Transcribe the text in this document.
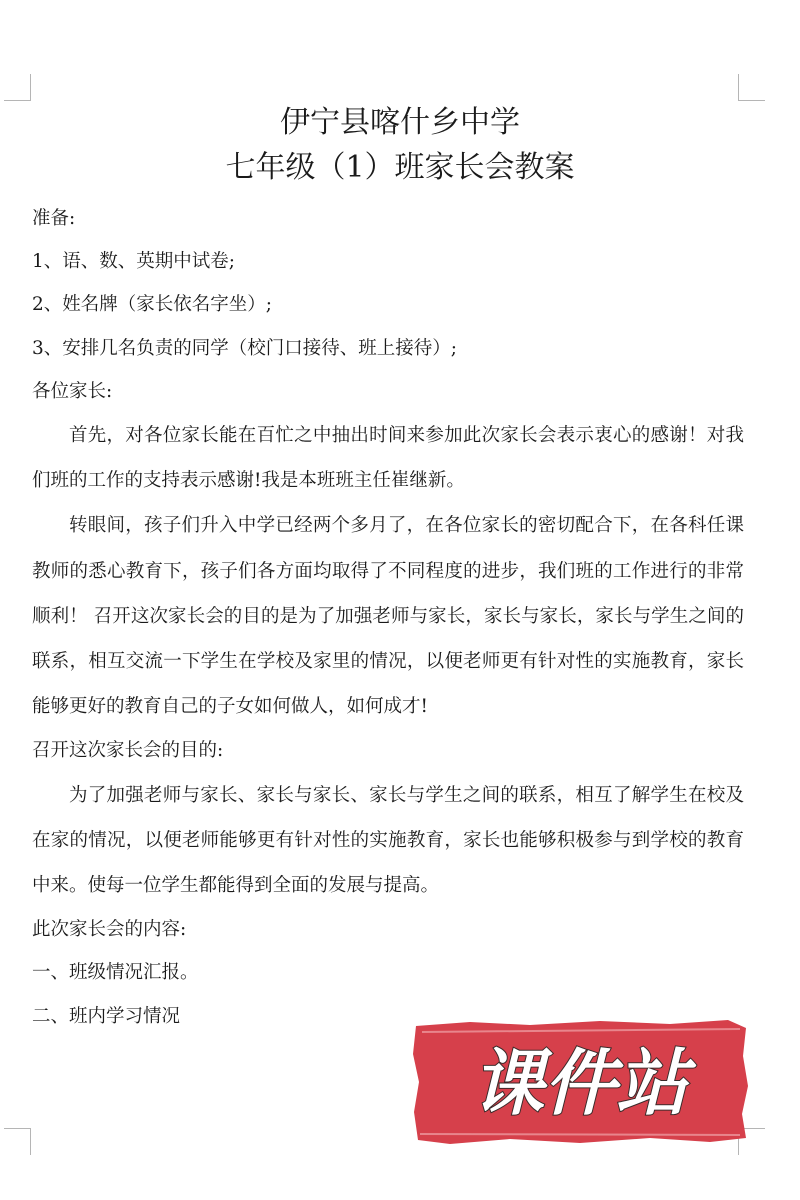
伊宁县喀什乡中学
七年级（1）班家长会教案
准备:
1、语、数、英期中试卷;
2、姓名牌（家长依名字坐）;
3、安排几名负责的同学（校门口接待、班上接待）;
各位家长:

首先，对各位家长能在百忙之中抽出时间来参加此次家长会表示衷心的感谢！对我们班的工作的支持表示感谢!我是本班班主任崔继新。

转眼间，孩子们升入中学已经两个多月了，在各位家长的密切配合下，在各科任课教师的悉心教育下，孩子们各方面均取得了不同程度的进步，我们班的工作进行的非常顺利！ 召开这次家长会的目的是为了加强老师与家长，家长与家长，家长与学生之间的联系，相互交流一下学生在学校及家里的情况，以便老师更有针对性的实施教育，家长能够更好的教育自己的子女如何做人，如何成才!

召开这次家长会的目的:

为了加强老师与家长、家长与家长、家长与学生之间的联系，相互了解学生在校及在家的情况，以便老师能够更有针对性的实施教育，家长也能够积极参与到学校的教育中来。使每一位学生都能得到全面的发展与提高。

此次家长会的内容:
一、班级情况汇报。
二、班内学习情况
课件站
